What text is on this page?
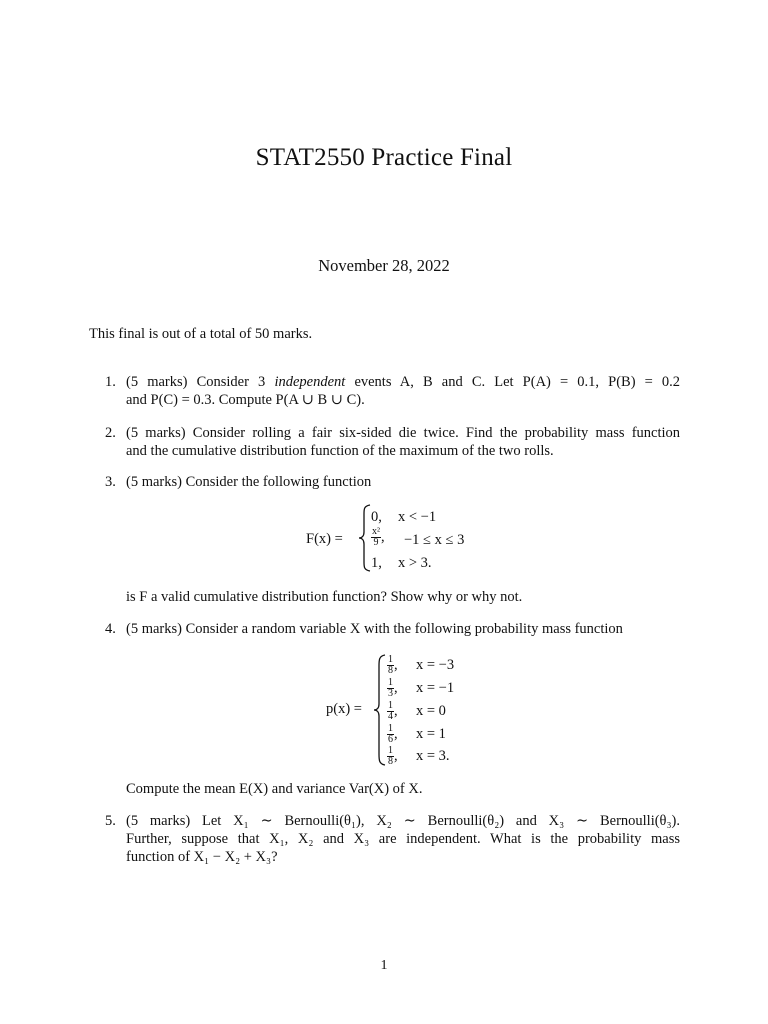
STAT2550 Practice Final
November 28, 2022
This final is out of a total of 50 marks.
1. (5 marks) Consider 3 independent events A, B and C. Let P(A) = 0.1, P(B) = 0.2
and P(C) = 0.3. Compute P(A ∪ B ∪ C).
2. (5 marks) Consider rolling a fair six-sided die twice. Find the probability mass function
and the cumulative distribution function of the maximum of the two rolls.
3. (5 marks) Consider the following function
F(x) =
0, x < −1
$\frac{\text{x²}}{9}$ , −1 ≤ x ≤ 3
1, x > 3.
is F a valid cumulative distribution function? Show why or why not.
4. (5 marks) Consider a random variable X with the following probability mass function
p(x) =
$\frac{1}{8}$ , x = −3
$\frac{1}{3}$ , x = −1
$\frac{1}{4}$ , x = 0
$\frac{1}{6}$ , x = 1
$\frac{1}{8}$ , x = 3.
Compute the mean E(X) and variance Var(X) of X.
5. (5 marks) Let X₁ ∼ Bernoulli(θ₁), X₂ ∼ Bernoulli(θ₂) and X₃ ∼ Bernoulli(θ₃).
Further, suppose that X₁, X₂ and X₃ are independent. What is the probability mass
function of X₁ − X₂ + X₃?
1
